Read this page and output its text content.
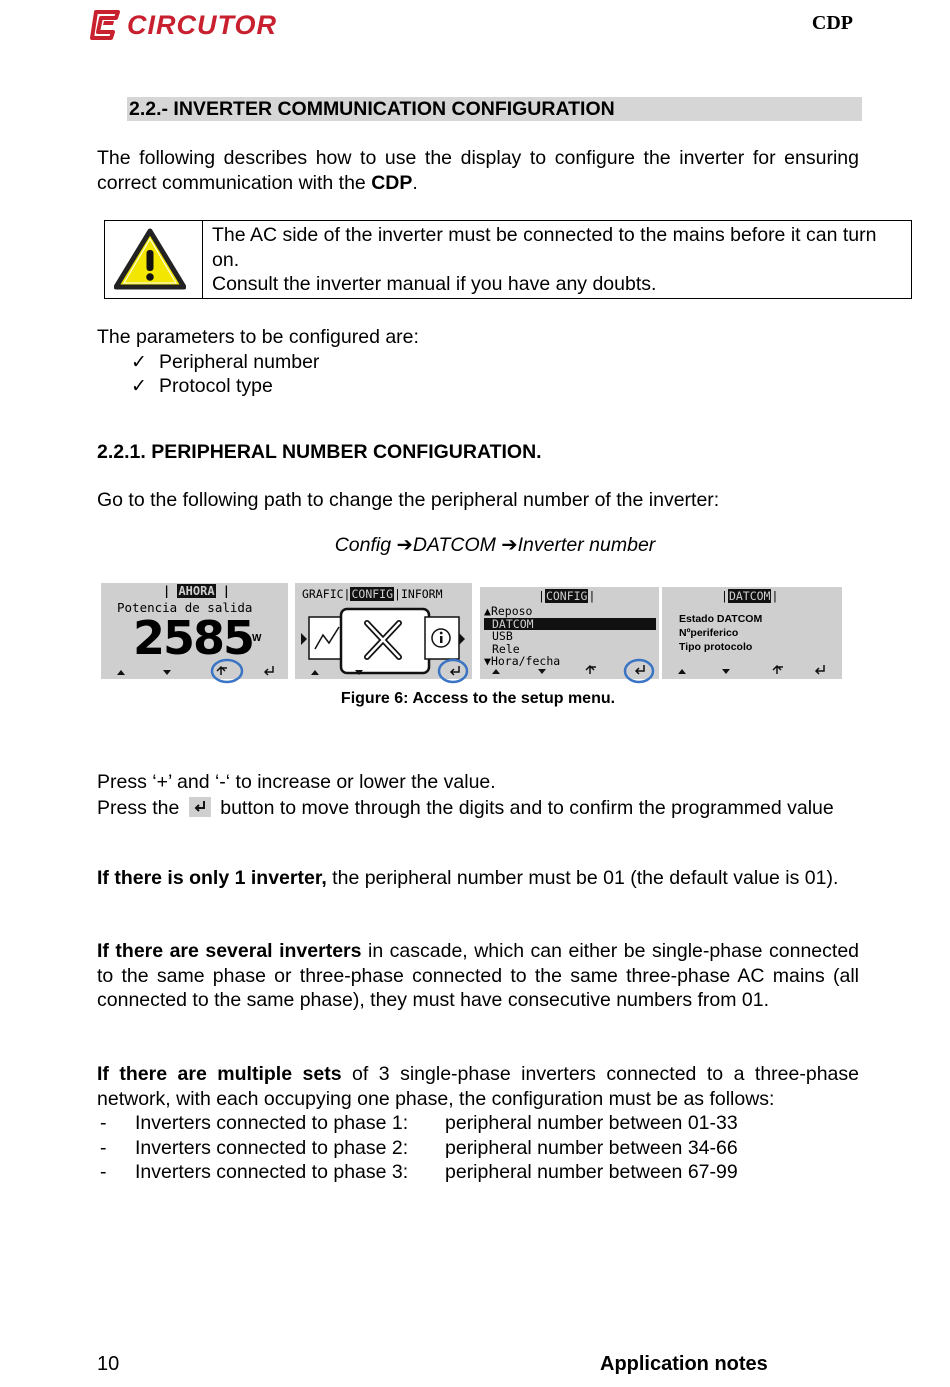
CIRCUTOR	CDP
2.2.- INVERTER COMMUNICATION CONFIGURATION
The following describes how to use the display to configure the inverter for ensuring correct communication with the CDP.
The AC side of the inverter must be connected to the mains before it can turn on.
Consult the inverter manual if you have any doubts.
The parameters to be configured are:
✓ Peripheral number
✓ Protocol type
2.2.1. PERIPHERAL NUMBER CONFIGURATION.
Go to the following path to change the peripheral number of the inverter:
Config ➔DATCOM ➔Inverter number
| AHORA |
Potencia de salida
2585
W
GRAFIC|CONFIG|INFORM	|CONFIG|
▲Reposo
DATCOM
USB
Rele
▼Hora/fecha
|DATCOM|
Estado DATCOM
Nºperiferico
Tipo protocolo
Figure 6: Access to the setup menu.
Press ‘+’ and ‘-‘ to increase or lower the value.
Press the button to move through the digits and to confirm the programmed value
If there is only 1 inverter, the peripheral number must be 01 (the default value is 01).
If there are several inverters in cascade, which can either be single-phase connected to the same phase or three-phase connected to the same three-phase AC mains (all connected to the same phase), they must have consecutive numbers from 01.
If there are multiple sets of 3 single-phase inverters connected to a three-phase network, with each occupying one phase, the configuration must be as follows:
-	Inverters connected to phase 1:	peripheral number between 01-33
-	Inverters connected to phase 2:	peripheral number between 34-66
-	Inverters connected to phase 3:	peripheral number between 67-99
10	Application notes
